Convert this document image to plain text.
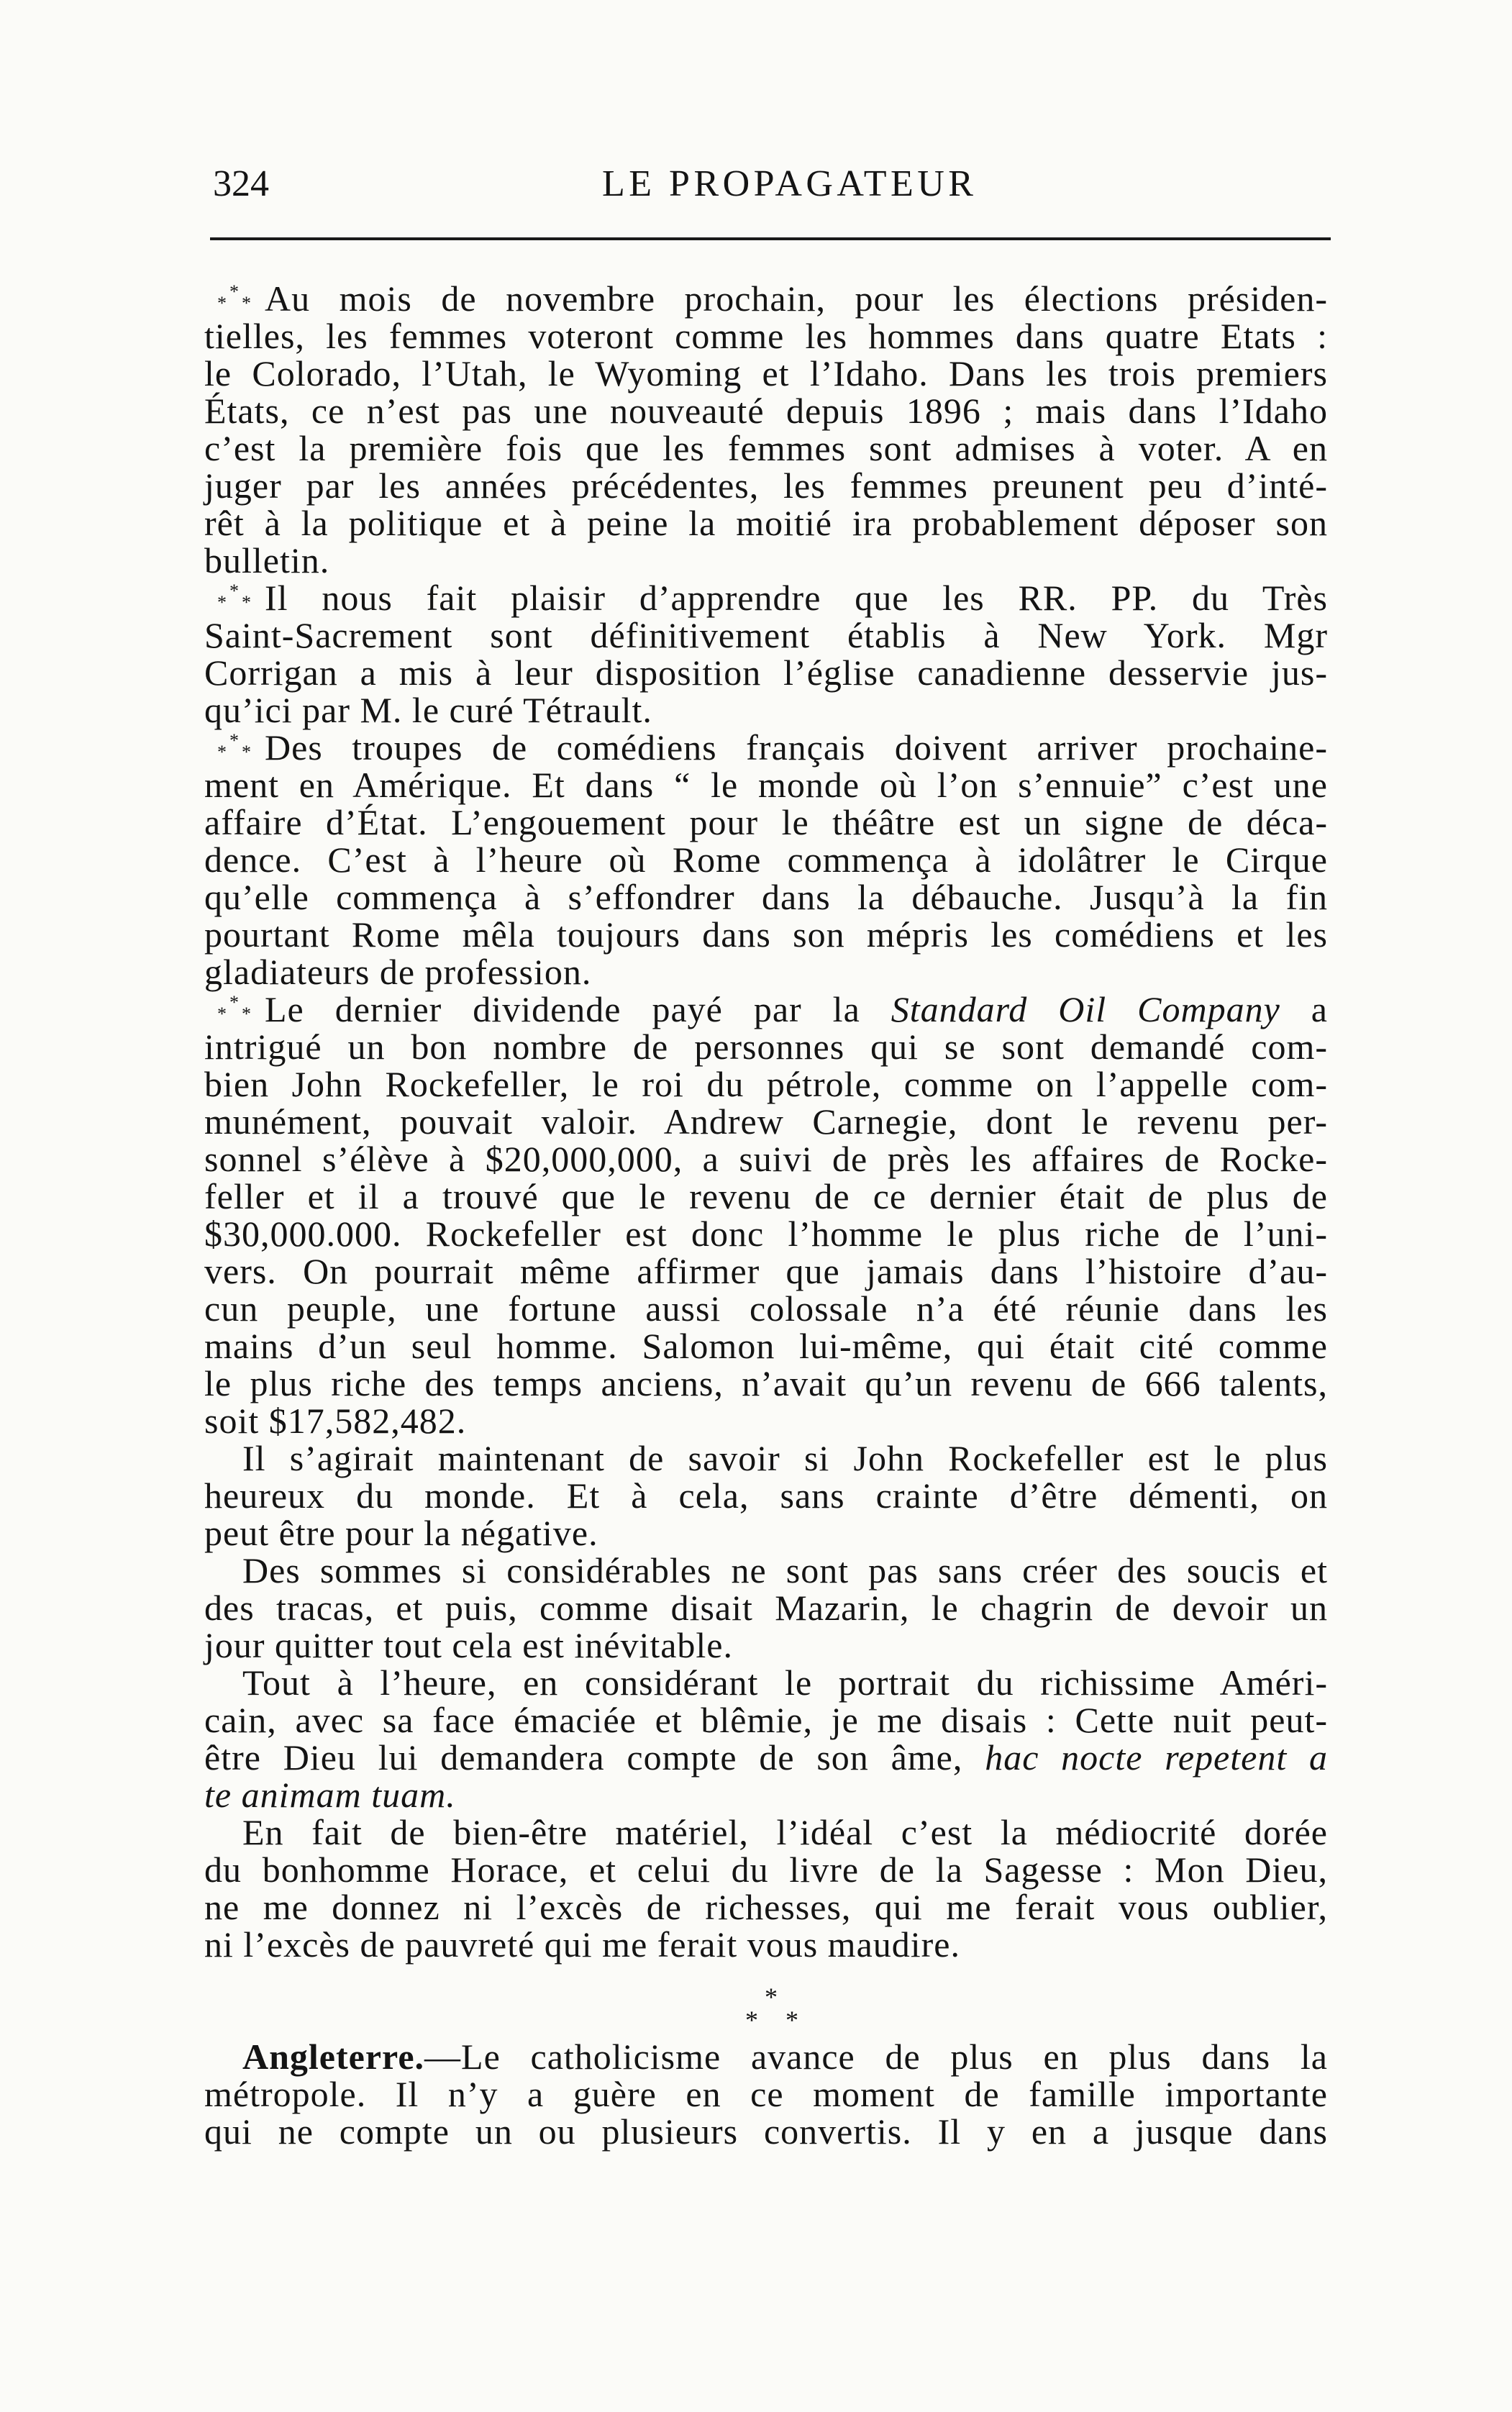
324	LE PROPAGATEUR
*
*
* Au mois de novembre prochain, pour les élections présiden-
tielles, les femmes voteront comme les hommes dans quatre Etats :
le Colorado, l’Utah, le Wyoming et l’Idaho. Dans les trois premiers
États, ce n’est pas une nouveauté depuis 1896 ; mais dans l’Idaho
c’est la première fois que les femmes sont admises à voter. A en
juger par les années précédentes, les femmes preunent peu d’inté-
rêt à la politique et à peine la moitié ira probablement déposer son
bulletin.
*
*
* Il nous fait plaisir d’apprendre que les RR. PP. du Très
Saint-Sacrement sont définitivement établis à New York. Mgr
Corrigan a mis à leur disposition l’église canadienne desservie jus-
qu’ici par M. le curé Tétrault.
*
*
* Des troupes de comédiens français doivent arriver prochaine-
ment en Amérique. Et dans “ le monde où l’on s’ennuie” c’est une
affaire d’État. L’engouement pour le théâtre est un signe de déca-
dence. C’est à l’heure où Rome commença à idolâtrer le Cirque
qu’elle commença à s’effondrer dans la débauche. Jusqu’à la fin
pourtant Rome mêla toujours dans son mépris les comédiens et les
gladiateurs de profession.
*
*
* Le dernier dividende payé par la Standard Oil Company a
intrigué un bon nombre de personnes qui se sont demandé com-
bien John Rockefeller, le roi du pétrole, comme on l’appelle com-
munément, pouvait valoir. Andrew Carnegie, dont le revenu per-
sonnel s’élève à $20,000,000, a suivi de près les affaires de Rocke-
feller et il a trouvé que le revenu de ce dernier était de plus de
$30,000.000. Rockefeller est donc l’homme le plus riche de l’uni-
vers. On pourrait même affirmer que jamais dans l’histoire d’au-
cun peuple, une fortune aussi colossale n’a été réunie dans les
mains d’un seul homme. Salomon lui-même, qui était cité comme
le plus riche des temps anciens, n’avait qu’un revenu de 666 talents,
soit $17,582,482.
Il s’agirait maintenant de savoir si John Rockefeller est le plus
heureux du monde. Et à cela, sans crainte d’être démenti, on
peut être pour la négative.
Des sommes si considérables ne sont pas sans créer des soucis et
des tracas, et puis, comme disait Mazarin, le chagrin de devoir un
jour quitter tout cela est inévitable.
Tout à l’heure, en considérant le portrait du richissime Améri-
cain, avec sa face émaciée et blêmie, je me disais : Cette nuit peut-
être Dieu lui demandera compte de son âme, hac nocte repetent a
te animam tuam.
En fait de bien-être matériel, l’idéal c’est la médiocrité dorée
du bonhomme Horace, et celui du livre de la Sagesse : Mon Dieu,
ne me donnez ni l’excès de richesses, qui me ferait vous oublier,
ni l’excès de pauvreté qui me ferait vous maudire.
*
* *
Angleterre.—Le catholicisme avance de plus en plus dans la
métropole. Il n’y a guère en ce moment de famille importante
qui ne compte un ou plusieurs convertis. Il y en a jusque dans
